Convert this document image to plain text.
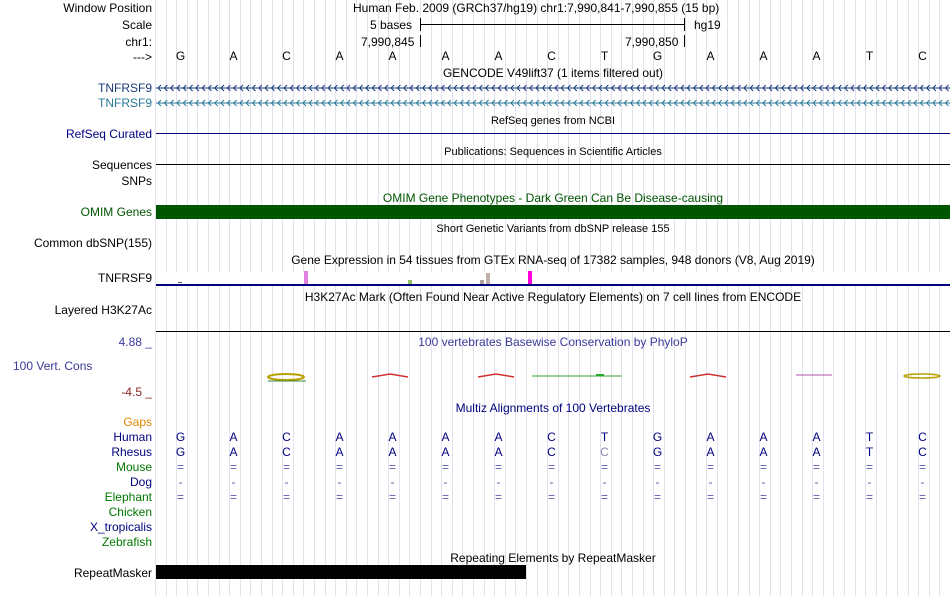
Window Position	Human Feb. 2009 (GRCh37/hg19) chr1:7,990,841-7,990,855 (15 bp)
Scale	5 bases	hg19
chr1:	7,990,845	7,990,850
--->	G	A	C	A	A	A	A	C	T	G	A	A	A	T	C
GENCODE V49lift37 (1 items filtered out)
TNFRSF9
TNFRSF9
RefSeq genes from NCBI
RefSeq Curated
Publications: Sequences in Scientific Articles
Sequences
SNPs
OMIM Gene Phenotypes - Dark Green Can Be Disease-causing
OMIM Genes
Short Genetic Variants from dbSNP release 155
Common dbSNP(155)
Gene Expression in 54 tissues from GTEx RNA-seq of 17382 samples, 948 donors (V8, Aug 2019)
TNFRSF9
H3K27Ac Mark (Often Found Near Active Regulatory Elements) on 7 cell lines from ENCODE
Layered H3K27Ac
100 vertebrates Basewise Conservation by PhyloP
4.88 _
100 Vert. Cons
-4.5 _
Multiz Alignments of 100 Vertebrates
Gaps
Human	G	A	C	A	A	A	A	C	T	G	A	A	A	T	C
Rhesus	G	A	C	A	A	A	A	C	C	G	A	A	A	T	C
Mouse	=	=	=	=	=	=	=	=	=	=	=	=	=	=	=
Dog	-	-	-	-	-	-	-	-	-	-	-	-	-	-	-
Elephant	=	=	=	=	=	=	=	=	=	=	=	=	=	=	=
Chicken
X_tropicalis
Zebrafish
Repeating Elements by RepeatMasker
RepeatMasker
